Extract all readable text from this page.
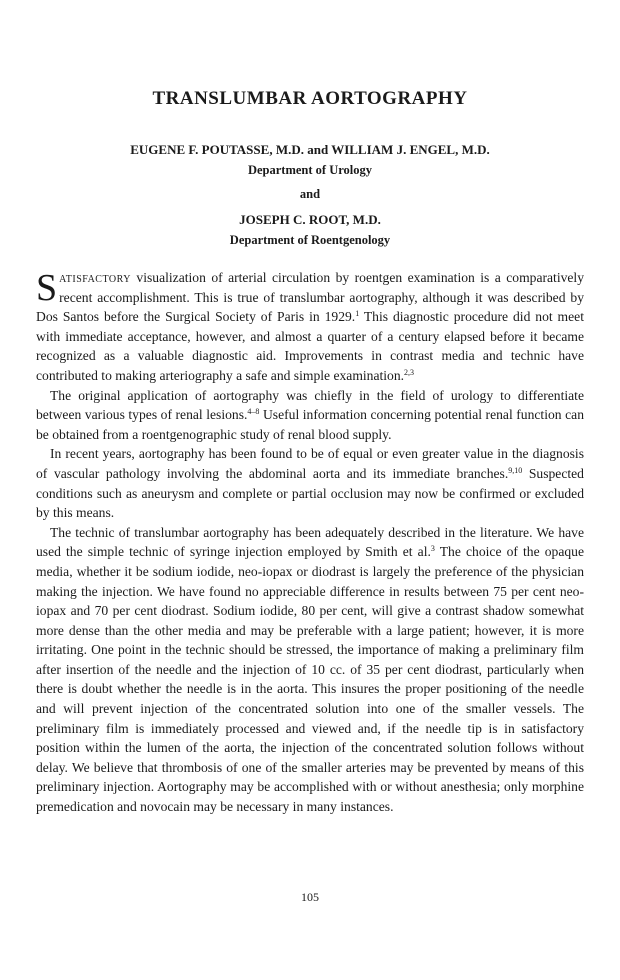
TRANSLUMBAR AORTOGRAPHY
EUGENE F. POUTASSE, M.D. and WILLIAM J. ENGEL, M.D.
Department of Urology
and
JOSEPH C. ROOT, M.D.
Department of Roentgenology

Satisfactory visualization of arterial circulation by roentgen examination is a comparatively recent accomplishment. This is true of translumbar aortography, although it was described by Dos Santos before the Surgical Society of Paris in 1929.$^1$ This diagnostic procedure did not meet with immediate acceptance, however, and almost a quarter of a century elapsed before it became recognized as a valuable diagnostic aid. Improvements in contrast media and technic have contributed to making arteriography a safe and simple examination.$^{2,3}$

The original application of aortography was chiefly in the field of urology to differentiate between various types of renal lesions.$^{4-8}$ Useful information concerning potential renal function can be obtained from a roentgenographic study of renal blood supply.

In recent years, aortography has been found to be of equal or even greater value in the diagnosis of vascular pathology involving the abdominal aorta and its immediate branches.$^{9,10}$ Suspected conditions such as aneurysm and complete or partial occlusion may now be confirmed or excluded by this means.

The technic of translumbar aortography has been adequately described in the literature. We have used the simple technic of syringe injection employed by Smith et al.$^3$ The choice of the opaque media, whether it be sodium iodide, neo-iopax or diodrast is largely the preference of the physician making the injection. We have found no appreciable difference in results between 75 per cent neo-iopax and 70 per cent diodrast. Sodium iodide, 80 per cent, will give a contrast shadow somewhat more dense than the other media and may be preferable with a large patient; however, it is more irritating. One point in the technic should be stressed, the importance of making a preliminary film after insertion of the needle and the injection of 10 cc. of 35 per cent diodrast, particularly when there is doubt whether the needle is in the aorta. This insures the proper positioning of the needle and will prevent injection of the concentrated solution into one of the smaller vessels. The preliminary film is immediately processed and viewed and, if the needle tip is in satisfactory position within the lumen of the aorta, the injection of the concentrated solution follows without delay. We believe that thrombosis of one of the smaller arteries may be prevented by means of this preliminary injection. Aortography may be accomplished with or without anesthesia; only morphine premedication and novocain may be necessary in many instances.

105
